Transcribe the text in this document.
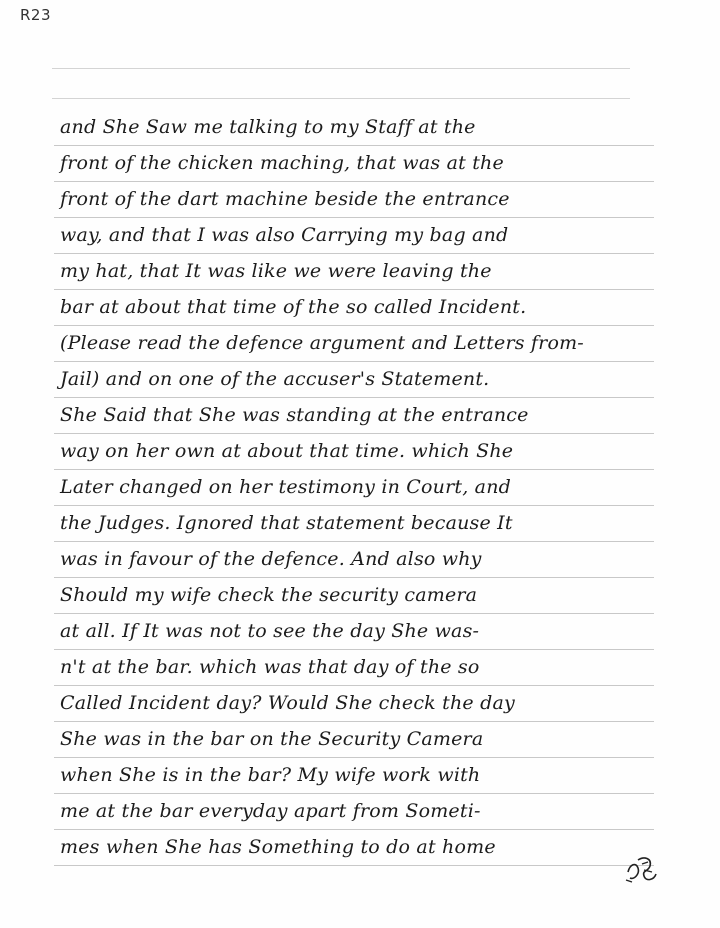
R23
and She Saw me talking to my Staff at the
front of the chicken maching, that was at the
front of the dart machine beside the entrance
way, and that I was also Carrying my bag and
my hat, that It was like we were leaving the
bar at about that time of the so called Incident.
(Please read the defence argument and Letters from-
Jail) and on one of the accuser's Statement.
She Said that She was standing at the entrance
way on her own at about that time. which She
Later changed on her testimony in Court, and
the Judges. Ignored that statement because It
was in favour of the defence. And also why
Should my wife check the security camera
at all. If It was not to see the day She was-
n't at the bar. which was that day of the so
Called Incident day? Would She check the day
She was in the bar on the Security Camera
when She is in the bar? My wife work with
me at the bar everyday apart from Someti-
mes when She has Something to do at home
